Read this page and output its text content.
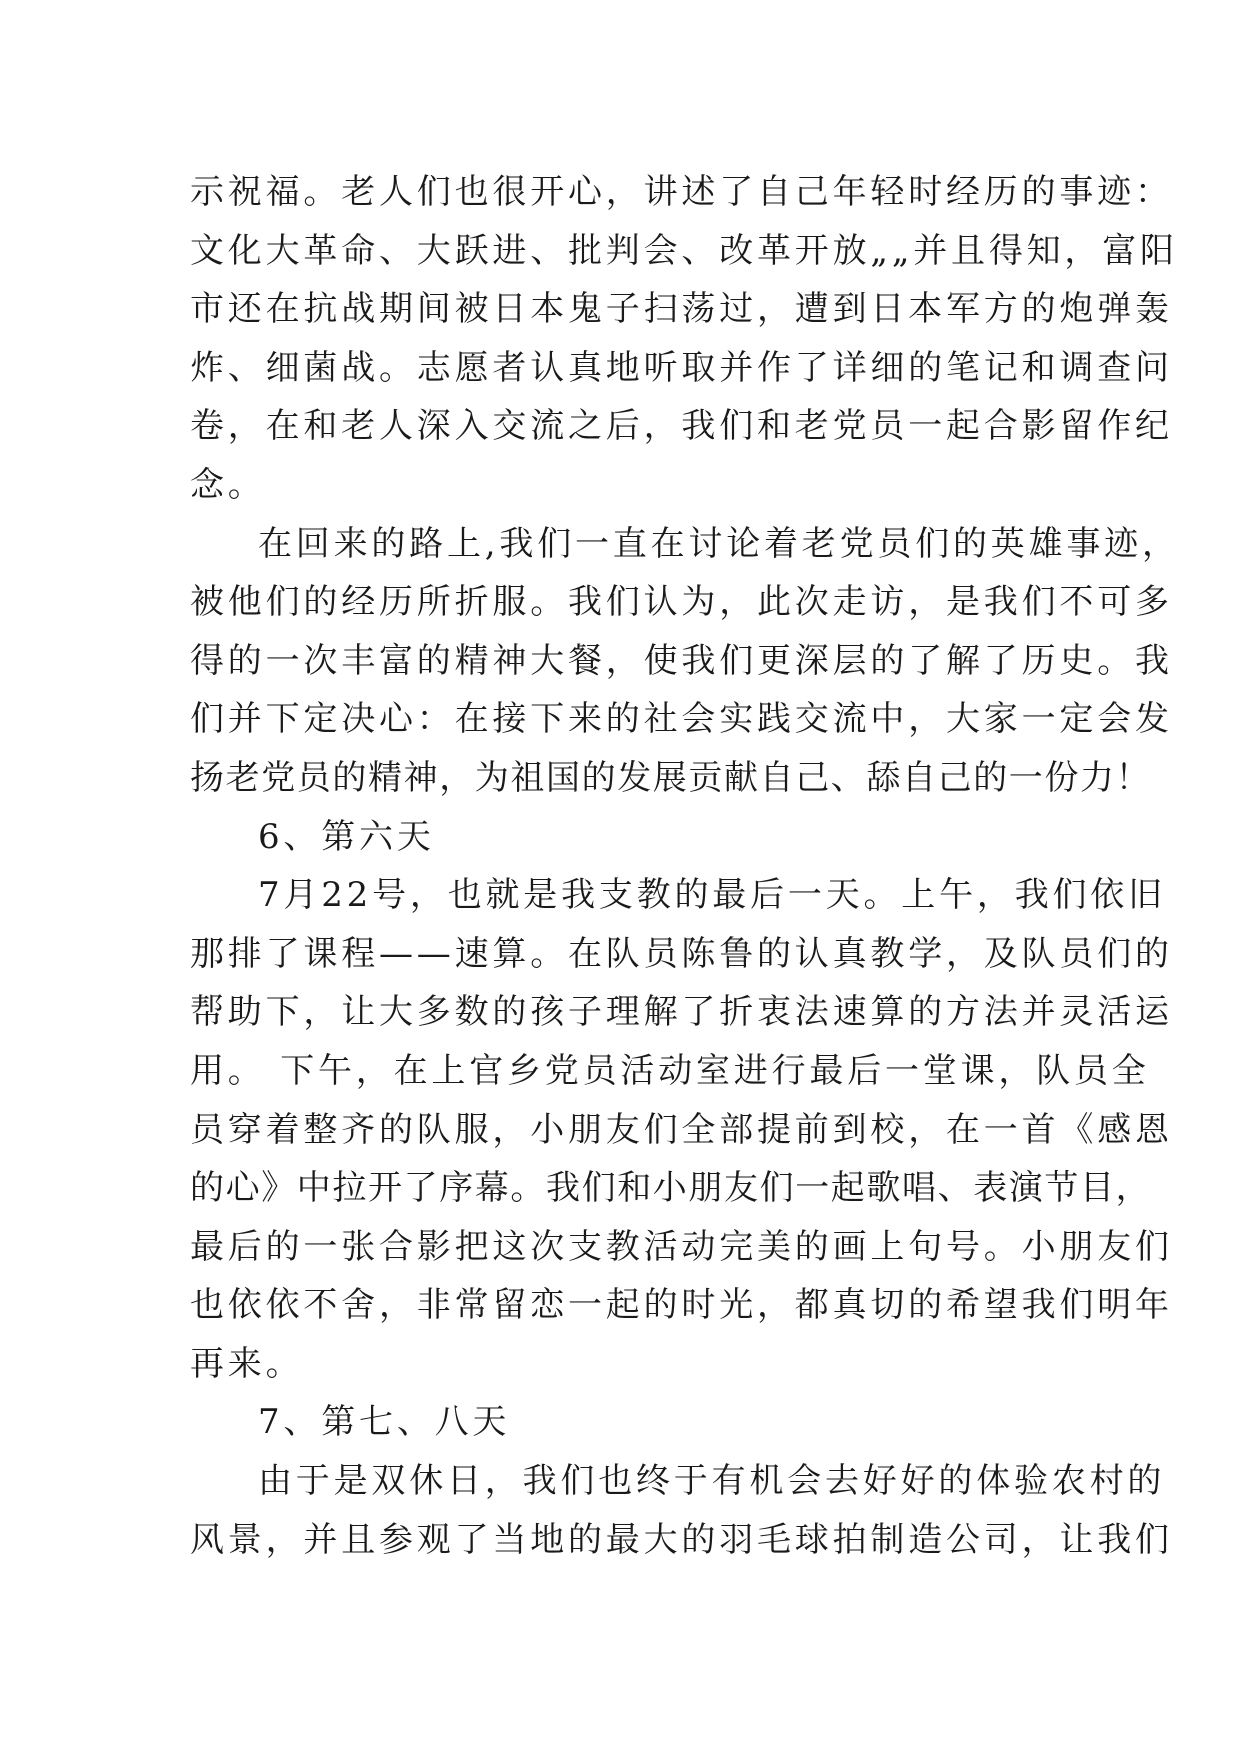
示祝福。老人们也很开心，讲述了自己年轻时经历的事迹：
文化大革命、大跃进、批判会、改革开放„„并且得知，富阳
市还在抗战期间被日本鬼子扫荡过，遭到日本军方的炮弹轰
炸、细菌战。志愿者认真地听取并作了详细的笔记和调查问
卷，在和老人深入交流之后，我们和老党员一起合影留作纪
念。
在回来的路上,我们一直在讨论着老党员们的英雄事迹，
被他们的经历所折服。我们认为，此次走访，是我们不可多
得的一次丰富的精神大餐，使我们更深层的了解了历史。我
们并下定决心：在接下来的社会实践交流中，大家一定会发
扬老党员的精神，为祖国的发展贡献自己、舔自己的一份力！
6、第六天
7月22号，也就是我支教的最后一天。上午，我们依旧
那排了课程——速算。在队员陈鲁的认真教学，及队员们的
帮助下，让大多数的孩子理解了折衷法速算的方法并灵活运
用。 下午，在上官乡党员活动室进行最后一堂课，队员全
员穿着整齐的队服，小朋友们全部提前到校，在一首《感恩
的心》中拉开了序幕。我们和小朋友们一起歌唱、表演节目，
最后的一张合影把这次支教活动完美的画上句号。小朋友们
也依依不舍，非常留恋一起的时光，都真切的希望我们明年
再来。
7、第七、八天
由于是双休日，我们也终于有机会去好好的体验农村的
风景，并且参观了当地的最大的羽毛球拍制造公司，让我们
